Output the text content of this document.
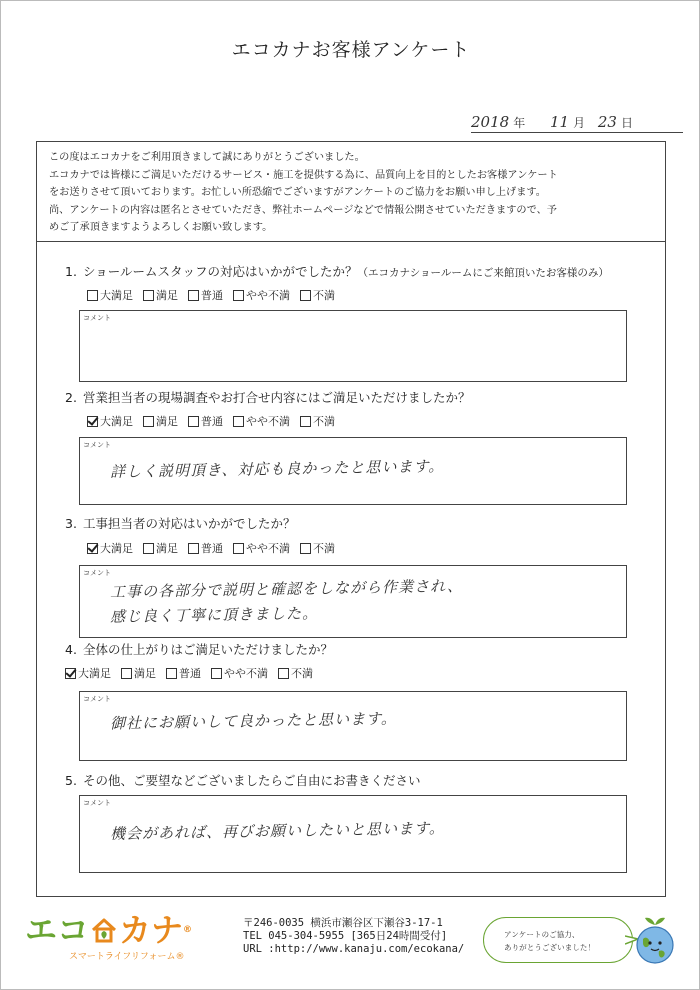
エコカナお客様アンケート
2018 年 11 月 23 日

この度はエコカナをご利用頂きまして誠にありがとうございました。

エコカナでは皆様にご満足いただけるサービス・施工を提供する為に、品質向上を目的としたお客様アンケート

をお送りさせて頂いております。お忙しい所恐縮でございますがアンケートのご協力をお願い申し上げます。

尚、アンケートの内容は匿名とさせていただき、弊社ホームページなどで情報公開させていただきますので、予

めご了承頂きますようよろしくお願い致します。

1. ショールームスタッフの対応はいかがでしたか？（エコカナショールームにご来館頂いたお客様のみ）
大満足 満足 普通 やや不満 不満
コメント
2. 営業担当者の現場調査やお打合せ内容にはご満足いただけましたか？
大満足 満足 普通 やや不満 不満
コメント
詳しく説明頂き、対応も良かったと思います。
3. 工事担当者の対応はいかがでしたか？
大満足 満足 普通 やや不満 不満
コメント
工事の各部分で説明と確認をしながら作業され、
感じ良く丁寧に頂きました。
4. 全体の仕上がりはご満足いただけましたか？
大満足 満足 普通 やや不満 不満
コメント
御社にお願いして良かったと思います。
5. その他、ご要望などございましたらご自由にお書きください
コメント
機会があれば、再びお願いしたいと思います。
エコ カナ®
スマートライフリフォーム®
〒246-0035 横浜市瀬谷区下瀬谷3-17-1
TEL 045-304-5955 [365日24時間受付]
URL :http://www.kanaju.com/ecokana/

アンケートのご協力、

ありがとうございました！
